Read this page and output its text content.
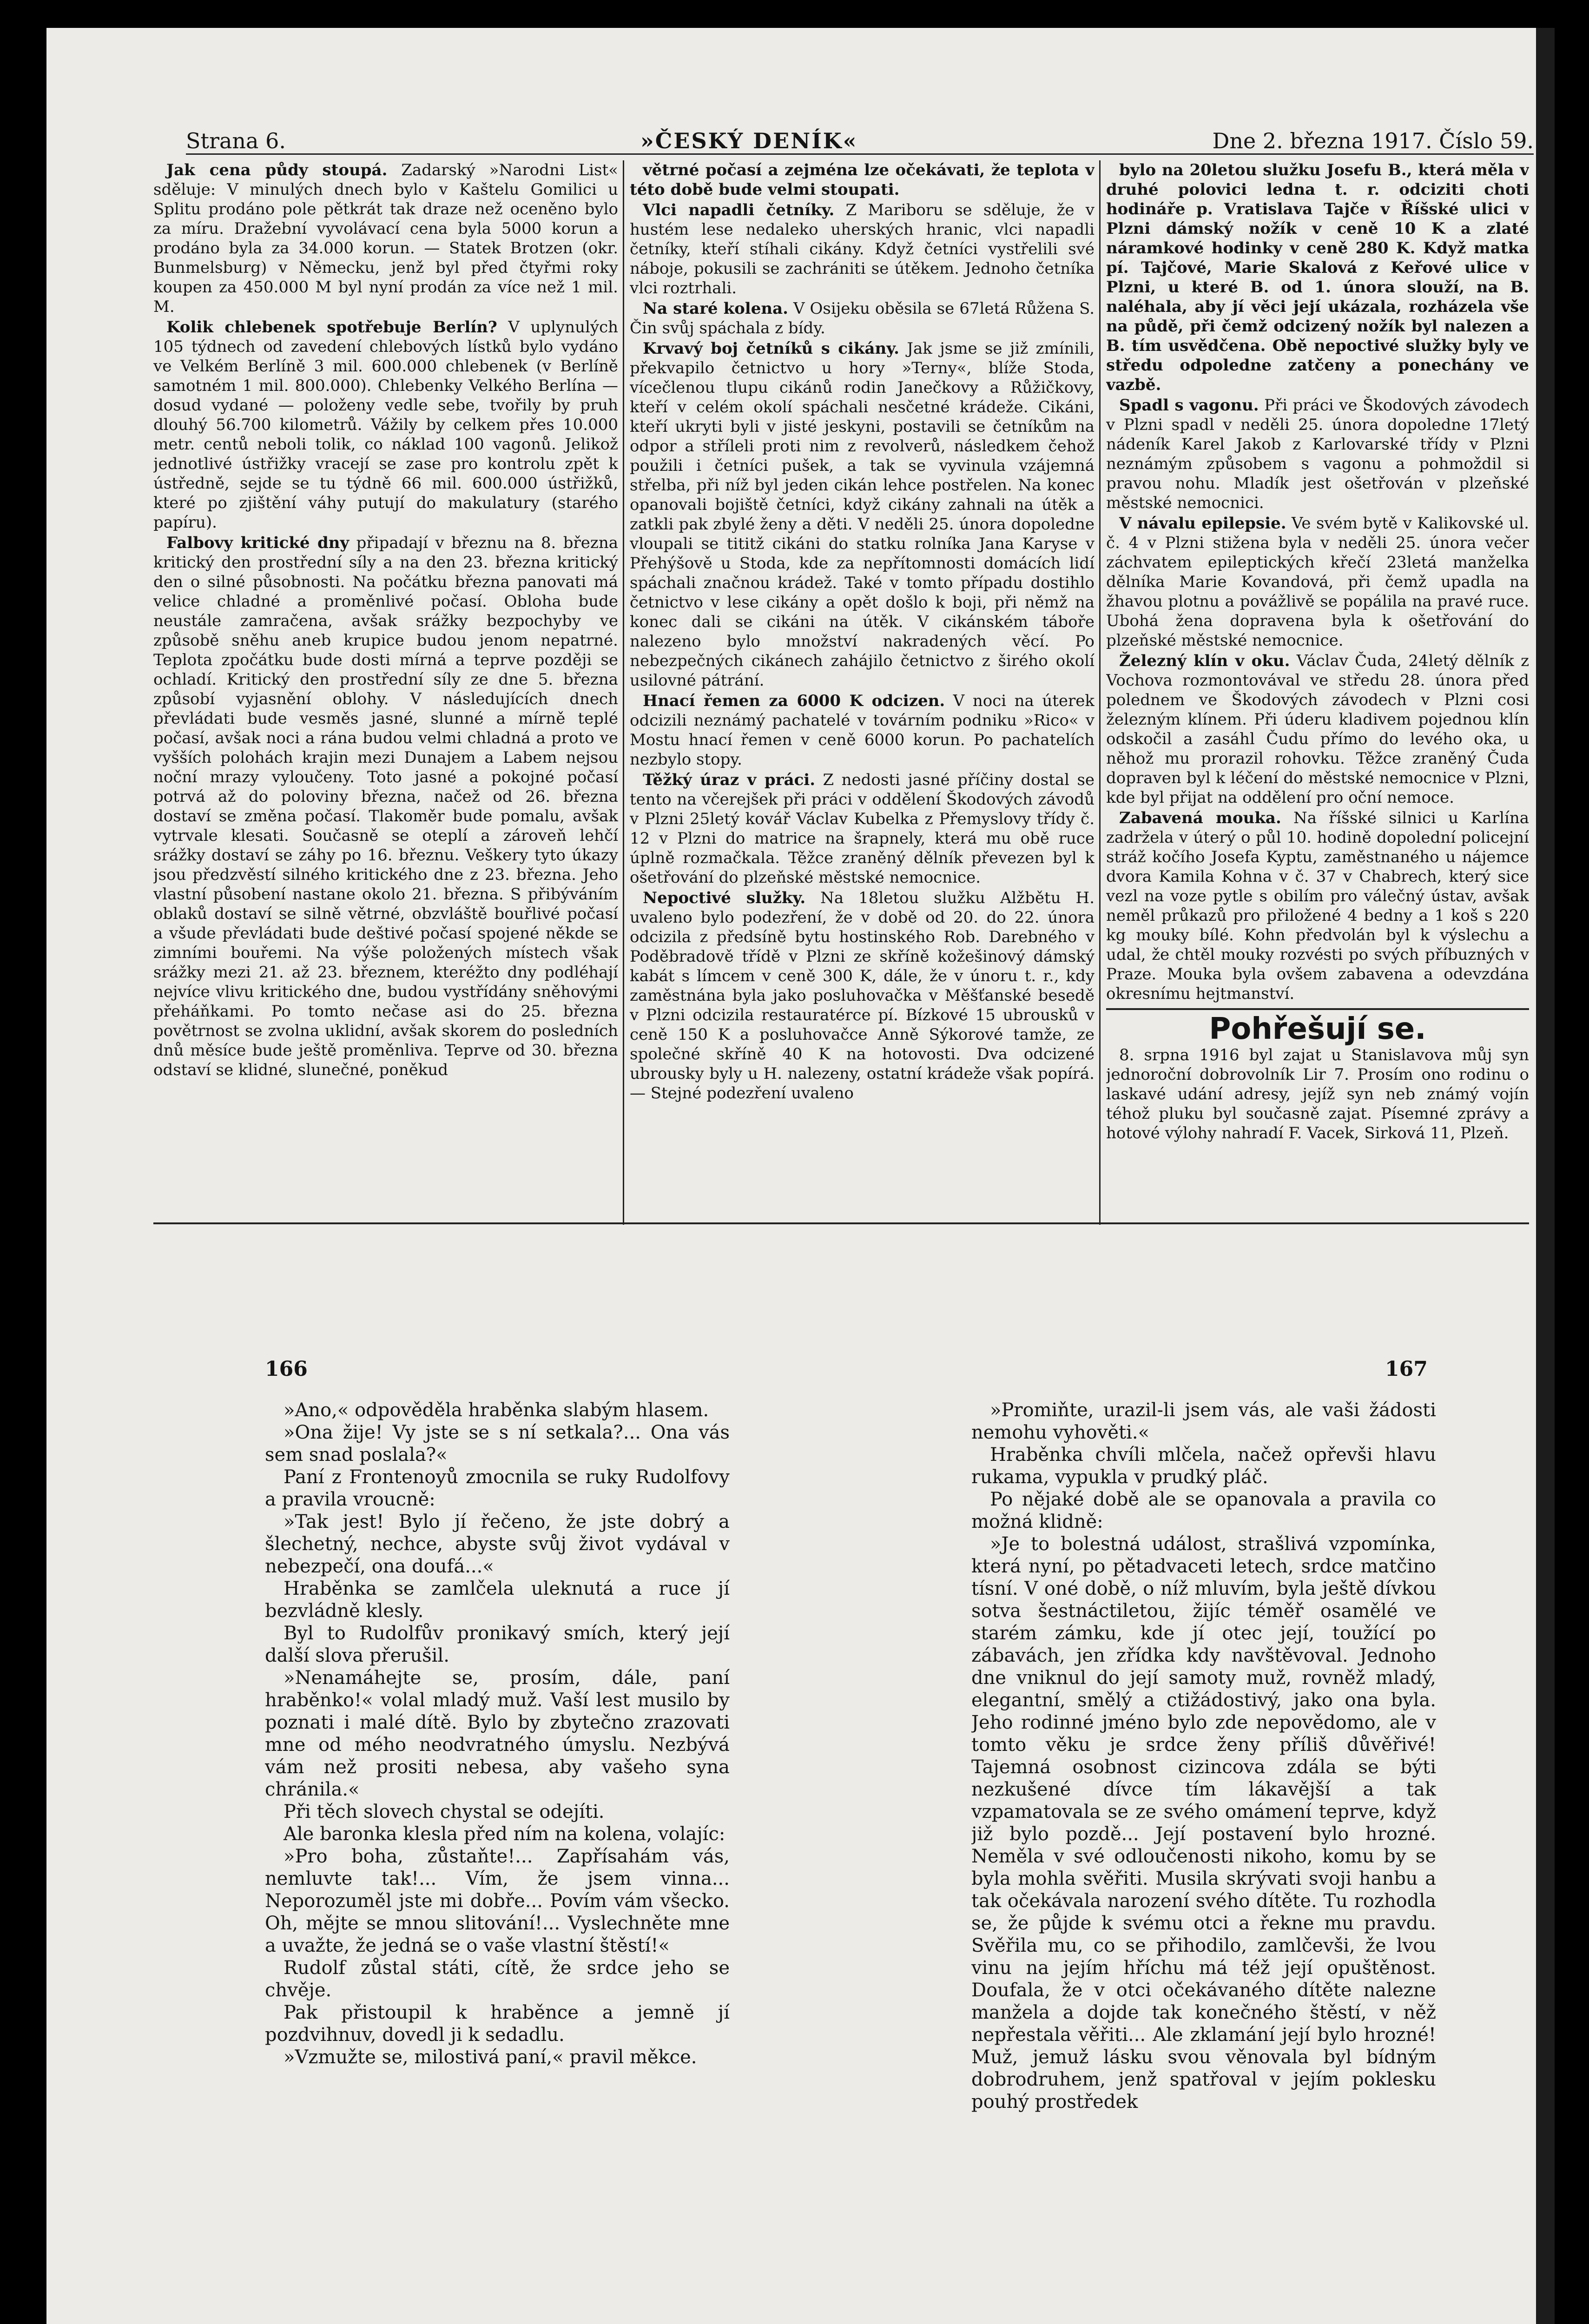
Strana 6.	»ČESKÝ DENÍK«	Dne 2. března 1917. Číslo 59.

Jak cena půdy stoupá. Zadarský »Narodni List« sděluje: V minulých dnech bylo v Kaštelu Gomilici u Splitu prodáno pole pětkrát tak draze než oceněno bylo za míru. Dražební vyvolávací cena byla 5000 korun a prodáno byla za 34.000 korun. — Statek Brotzen (okr. Bunmelsburg) v Německu, jenž byl před čtyřmi roky koupen za 450.000 M byl nyní prodán za více než 1 mil. M.

Kolik chlebenek spotřebuje Berlín? V uplynulých 105 týdnech od zavedení chlebových lístků bylo vydáno ve Velkém Berlíně 3 mil. 600.000 chlebenek (v Berlíně samotném 1 mil. 800.000). Chlebenky Velkého Berlína — dosud vydané — položeny vedle sebe, tvořily by pruh dlouhý 56.700 kilometrů. Vážily by celkem přes 10.000 metr. centů neboli tolik, co náklad 100 vagonů. Jelikož jednotlivé ústřižky vracejí se zase pro kontrolu zpět k ústředně, sejde se tu týdně 66 mil. 600.000 ústřižků, které po zjištění váhy putují do makulatury (starého papíru).

Falbovy kritické dny připadají v březnu na 8. března kritický den prostřední síly a na den 23. března kritický den o silné působnosti. Na počátku března panovati má velice chladné a proměnlivé počasí. Obloha bude neustále zamračena, avšak srážky bezpochyby ve způsobě sněhu aneb krupice budou jenom nepatrné. Teplota zpočátku bude dosti mírná a teprve později se ochladí. Kritický den prostřední síly ze dne 5. března způsobí vyjasnění oblohy. V následujících dnech převládati bude vesměs jasné, slunné a mírně teplé počasí, avšak noci a rána budou velmi chladná a proto ve vyšších polohách krajin mezi Dunajem a Labem nejsou noční mrazy vyloučeny. Toto jasné a pokojné počasí potrvá až do poloviny března, načež od 26. března dostaví se změna počasí. Tlakoměr bude pomalu, avšak vytrvale klesati. Současně se oteplí a zároveň lehčí srážky dostaví se záhy po 16. březnu. Veškery tyto úkazy jsou předzvěstí silného kritického dne z 23. března. Jeho vlastní působení nastane okolo 21. března. S přibýváním oblaků dostaví se silně větrné, obzvláště bouřlivé počasí a všude převládati bude deštivé počasí spojené někde se zimními bouřemi. Na výše položených místech však srážky mezi 21. až 23. březnem, kteréžto dny podléhají nejvíce vlivu kritického dne, budou vystřídány sněhovými přeháňkami. Po tomto nečase asi do 25. března povětrnost se zvolna uklidní, avšak skorem do posledních dnů měsíce bude ještě proměnliva. Teprve od 30. března odstaví se klidné, slunečné, poněkud

větrné počasí a zejména lze očekávati, že teplota v této době bude velmi stoupati.

Vlci napadli četníky. Z Mariboru se sděluje, že v hustém lese nedaleko uherských hranic, vlci napadli četníky, kteří stíhali cikány. Když četníci vystřelili své náboje, pokusili se zachrániti se útěkem. Jednoho četníka vlci roztrhali.

Na staré kolena. V Osijeku oběsila se 67letá Růžena S. Čin svůj spáchala z bídy.

Krvavý boj četníků s cikány. Jak jsme se již zmínili, překvapilo četnictvo u hory »Terny«, blíže Stoda, vícečlenou tlupu cikánů rodin Janečkovy a Růžičkovy, kteří v celém okolí spáchali nesčetné krádeže. Cikáni, kteří ukryti byli v jisté jeskyni, postavili se četníkům na odpor a stříleli proti nim z revolverů, následkem čehož použili i četníci pušek, a tak se vyvinula vzájemná střelba, při níž byl jeden cikán lehce postřelen. Na konec opanovali bojiště četníci, když cikány zahnali na útěk a zatkli pak zbylé ženy a děti. V neděli 25. února dopoledne vloupali se tititž cikáni do statku rolníka Jana Karyse v Přehýšově u Stoda, kde za nepřítomnosti domácích lidí spáchali značnou krádež. Také v tomto případu dostihlo četnictvo v lese cikány a opět došlo k boji, při němž na konec dali se cikáni na útěk. V cikánském táboře nalezeno bylo množství nakradených věcí. Po nebezpečných cikánech zahájilo četnictvo z širého okolí usilovné pátrání.

Hnací řemen za 6000 K odcizen. V noci na úterek odcizili neznámý pachatelé v továrním podniku »Rico« v Mostu hnací řemen v ceně 6000 korun. Po pachatelích nezbylo stopy.

Těžký úraz v práci. Z nedosti jasné příčiny dostal se tento na včerejšek při práci v oddělení Škodových závodů v Plzni 25letý kovář Václav Kubelka z Přemyslovy třídy č. 12 v Plzni do matrice na šrapnely, která mu obě ruce úplně rozmačkala. Těžce zraněný dělník převezen byl k ošetřování do plzeňské městské nemocnice.

Nepoctivé služky. Na 18letou služku Alžbětu H. uvaleno bylo podezření, že v době od 20. do 22. února odcizila z předsíně bytu hostinského Rob. Darebného v Poděbradově třídě v Plzni ze skříně kožešinový dámský kabát s límcem v ceně 300 K, dále, že v únoru t. r., kdy zaměstnána byla jako posluhovačka v Měšťanské besedě v Plzni odcizila restauratérce pí. Bízkové 15 ubrousků v ceně 150 K a posluhovačce Anně Sýkorové tamže, ze společné skříně 40 K na hotovosti. Dva odcizené ubrousky byly u H. nalezeny, ostatní krádeže však popírá. — Stejné podezření uvaleno

bylo na 20letou služku Josefu B., která měla v druhé polovici ledna t. r. odciziti choti hodináře p. Vratislava Tajče v Říšské ulici v Plzni dámský nožík v ceně 10 K a zlaté náramkové hodinky v ceně 280 K. Když matka pí. Tajčové, Marie Skalová z Keřové ulice v Plzni, u které B. od 1. února slouží, na B. naléhala, aby jí věci její ukázala, rozházela vše na půdě, při čemž odcizený nožík byl nalezen a B. tím usvědčena. Obě nepoctivé služky byly ve středu odpoledne zatčeny a ponechány ve vazbě.

Spadl s vagonu. Při práci ve Škodových závodech v Plzni spadl v neděli 25. února dopoledne 17letý nádeník Karel Jakob z Karlovarské třídy v Plzni neznámým způsobem s vagonu a pohmoždil si pravou nohu. Mladík jest ošetřován v plzeňské městské nemocnici.

V návalu epilepsie. Ve svém bytě v Kalikovské ul. č. 4 v Plzni stižena byla v neděli 25. února večer záchvatem epileptických křečí 23letá manželka dělníka Marie Kovandová, při čemž upadla na žhavou plotnu a povážlivě se popálila na pravé ruce. Ubohá žena dopravena byla k ošetřování do plzeňské městské nemocnice.

Železný klín v oku. Václav Čuda, 24letý dělník z Vochova rozmontovával ve středu 28. února před polednem ve Škodových závodech v Plzni cosi železným klínem. Při úderu kladivem pojednou klín odskočil a zasáhl Čudu přímo do levého oka, u něhož mu prorazil rohovku. Těžce zraněný Čuda dopraven byl k léčení do městské nemocnice v Plzni, kde byl přijat na oddělení pro oční nemoce.

Zabavená mouka. Na říšské silnici u Karlína zadržela v úterý o půl 10. hodině dopolední policejní stráž kočího Josefa Kyptu, zaměstnaného u nájemce dvora Kamila Kohna v č. 37 v Chabrech, který sice vezl na voze pytle s obilím pro válečný ústav, avšak neměl průkazů pro přiložené 4 bedny a 1 koš s 220 kg mouky bílé. Kohn předvolán byl k výslechu a udal, že chtěl mouky rozvésti po svých příbuzných v Praze. Mouka byla ovšem zabavena a odevzdána okresnímu hejtmanství.

Pohřešují se.

8. srpna 1916 byl zajat u Stanislavova můj syn jednoroční dobrovolník Lir 7. Prosím ono rodinu o laskavé udání adresy, jejíž syn neb známý vojín téhož pluku byl současně zajat. Písemné zprávy a hotové výlohy nahradí F. Vacek, Sirková 11, Plzeň.

166	167

»Ano,« odpověděla hraběnka slabým hlasem.

»Ona žije! Vy jste se s ní setkala?... Ona vás sem snad poslala?«

Paní z Frontenoyů zmocnila se ruky Rudolfovy a pravila vroucně:

»Tak jest! Bylo jí řečeno, že jste dobrý a šlechetný, nechce, abyste svůj život vydával v nebezpečí, ona doufá...«

Hraběnka se zamlčela uleknutá a ruce jí bezvládně klesly.

Byl to Rudolfův pronikavý smích, který její další slova přerušil.

»Nenamáhejte se, prosím, dále, paní hraběnko!« volal mladý muž. Vaší lest musilo by poznati i malé dítě. Bylo by zbytečno zrazovati mne od mého neodvratného úmyslu. Nezbývá vám než prositi nebesa, aby vašeho syna chránila.«

Při těch slovech chystal se odejíti.

Ale baronka klesla před ním na kolena, volajíc:

»Pro boha, zůstaňte!... Zapřísahám vás, nemluvte tak!... Vím, že jsem vinna... Neporozuměl jste mi dobře... Povím vám všecko. Oh, mějte se mnou slitování!... Vyslechněte mne a uvažte, že jedná se o vaše vlastní štěstí!«

Rudolf zůstal státi, cítě, že srdce jeho se chvěje.

Pak přistoupil k hraběnce a jemně jí pozdvihnuv, dovedl ji k sedadlu.

»Vzmužte se, milostivá paní,« pravil měkce.

»Promiňte, urazil-li jsem vás, ale vaši žádosti nemohu vyhověti.«

Hraběnka chvíli mlčela, načež opřevši hlavu rukama, vypukla v prudký pláč.

Po nějaké době ale se opanovala a pravila co možná klidně:

»Je to bolestná událost, strašlivá vzpomínka, která nyní, po pětadvaceti letech, srdce matčino tísní. V oné době, o níž mluvím, byla ještě dívkou sotva šestnáctiletou, žijíc téměř osamělé ve starém zámku, kde jí otec její, toužící po zábavách, jen zřídka kdy navštěvoval. Jednoho dne vniknul do její samoty muž, rovněž mladý, elegantní, smělý a ctižádostivý, jako ona byla. Jeho rodinné jméno bylo zde nepovědomo, ale v tomto věku je srdce ženy příliš důvěřivé! Tajemná osobnost cizincova zdála se býti nezkušené dívce tím lákavější a tak vzpamatovala se ze svého omámení teprve, když již bylo pozdě... Její postavení bylo hrozné. Neměla v své odloučenosti nikoho, komu by se byla mohla svěřiti. Musila skrývati svoji hanbu a tak očekávala narození svého dítěte. Tu rozhodla se, že půjde k svému otci a řekne mu pravdu. Svěřila mu, co se přihodilo, zamlčevši, že lvou vinu na jejím hříchu má též její opuštěnost. Doufala, že v otci očekávaného dítěte nalezne manžela a dojde tak konečného štěstí, v něž nepřestala věřiti... Ale zklamání její bylo hrozné! Muž, jemuž lásku svou věnovala byl bídným dobrodruhem, jenž spatřoval v jejím poklesku pouhý prostředek
